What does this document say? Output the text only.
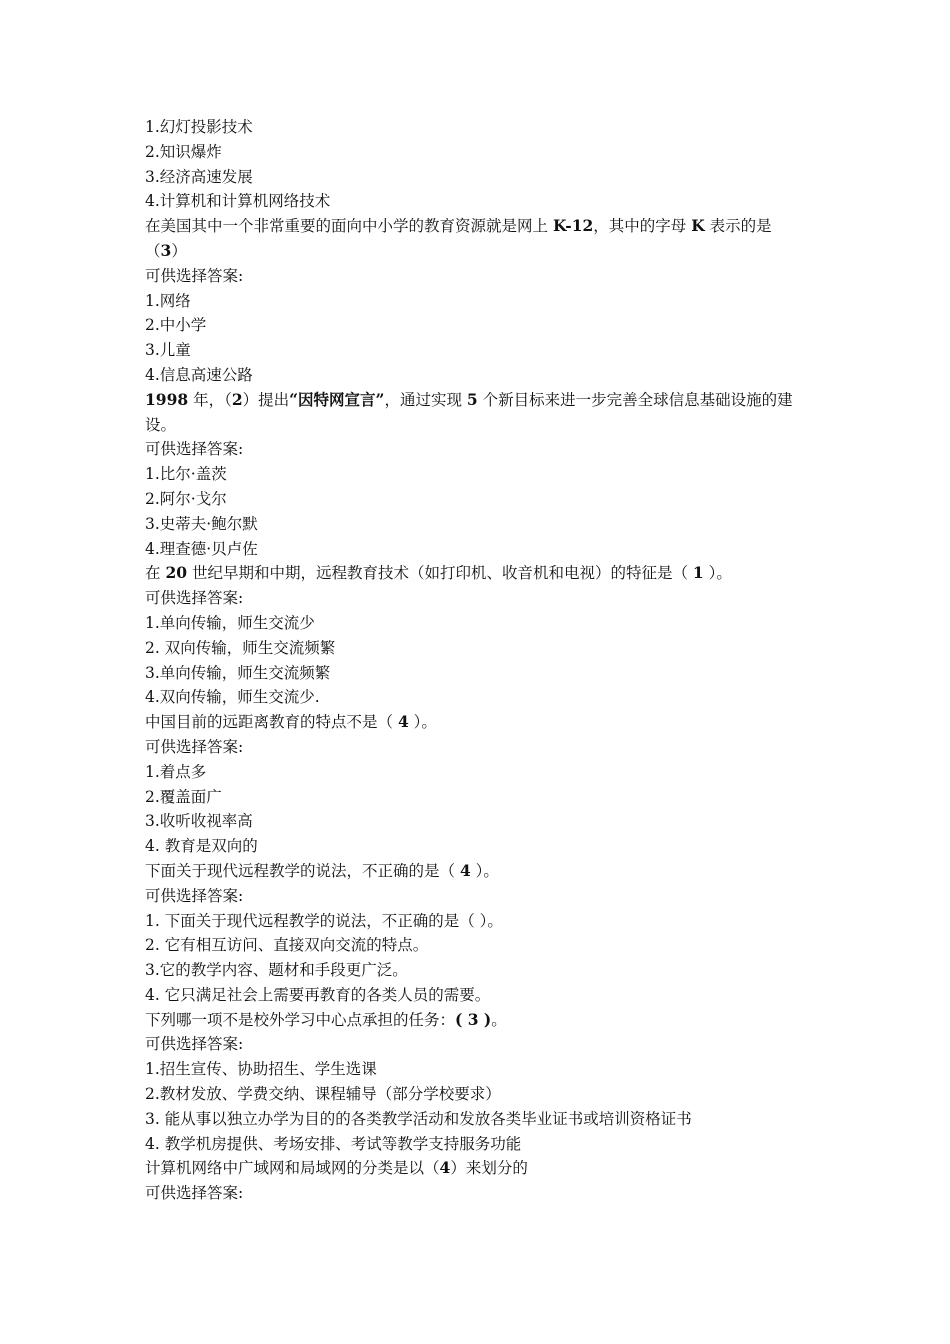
1.幻灯投影技术
2.知识爆炸
3.经济高速发展
4.计算机和计算机网络技术
在美国其中一个非常重要的面向中小学的教育资源就是网上 K-12，其中的字母 K 表示的是
（3）
可供选择答案:
1.网络
2.中小学
3.儿童
4.信息高速公路
1998 年，（2）提出“因特网宣言”，通过实现 5 个新目标来进一步完善全球信息基础设施的建设。
可供选择答案:
1.比尔·盖茨
2.阿尔·戈尔
3.史蒂夫·鲍尔默
4.理查德·贝卢佐
在 20 世纪早期和中期，远程教育技术（如打印机、收音机和电视）的特征是（ 1 ）。
可供选择答案:
1.单向传输，师生交流少
2. 双向传输，师生交流频繁
3.单向传输，师生交流频繁
4.双向传输，师生交流少.
中国目前的远距离教育的特点不是（ 4 ）。
可供选择答案:
1.着点多
2.覆盖面广
3.收听收视率高
4. 教育是双向的
下面关于现代远程教学的说法，不正确的是（ 4 ）。
可供选择答案:
1. 下面关于现代远程教学的说法，不正确的是（ ）。
2. 它有相互访问、直接双向交流的特点。
3.它的教学内容、题材和手段更广泛。
4. 它只满足社会上需要再教育的各类人员的需要。
下列哪一项不是校外学习中心点承担的任务：( 3 )。
可供选择答案:
1.招生宣传、协助招生、学生选课
2.教材发放、学费交纳、课程辅导（部分学校要求）
3. 能从事以独立办学为目的的各类教学活动和发放各类毕业证书或培训资格证书
4. 教学机房提供、考场安排、考试等教学支持服务功能
计算机网络中广域网和局域网的分类是以（4）来划分的
可供选择答案:
